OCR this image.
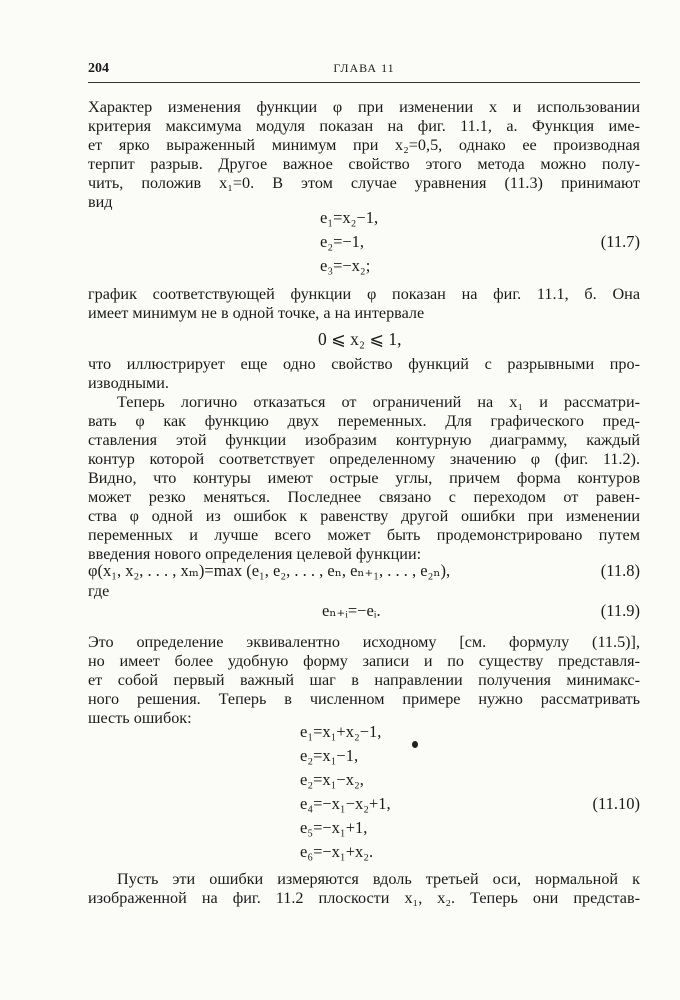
204	ГЛАВА 11
Характер изменения функции φ при изменении x и использовании
критерия максимума модуля показан на фиг. 11.1, а. Функция име-
ет ярко выраженный минимум при x₂=0,5, однако ее производная
терпит разрыв. Другое важное свойство этого метода можно полу-
чить, положив x₁=0. В этом случае уравнения (11.3) принимают
вид
e₁=x₂−1,
e₂=−1,
e₃=−x₂;
(11.7)
график соответствующей функции φ показан на фиг. 11.1, б. Она
имеет минимум не в одной точке, а на интервале
0 ⩽ x₂ ⩽ 1,
что иллюстрирует еще одно свойство функций с разрывными про-
изводными.
Теперь логично отказаться от ограничений на x₁ и рассматри-
вать φ как функцию двух переменных. Для графического пред-
ставления этой функции изобразим контурную диаграмму, каждый
контур которой соответствует определенному значению φ (фиг. 11.2).
Видно, что контуры имеют острые углы, причем форма контуров
может резко меняться. Последнее связано с переходом от равен-
ства φ одной из ошибок к равенству другой ошибки при изменении
переменных и лучше всего может быть продемонстрировано путем
введения нового определения целевой функции:
φ(x₁, x₂, . . . , xₘ)=max (e₁, e₂, . . . , eₙ, eₙ₊₁, . . . , e₂ₙ),	(11.8)
где
eₙ₊ᵢ=−eᵢ.	(11.9)
Это определение эквивалентно исходному [см. формулу (11.5)],
но имеет более удобную форму записи и по существу представля-
ет собой первый важный шаг в направлении получения минимакс-
ного решения. Теперь в численном примере нужно рассматривать
шесть ошибок:
e₁=x₁+x₂−1,
e₂=x₁−1,
e₂=x₁−x₂,
e₄=−x₁−x₂+1,
e₅=−x₁+1,
e₆=−x₁+x₂.
(11.10)
Пусть эти ошибки измеряются вдоль третьей оси, нормальной к
изображенной на фиг. 11.2 плоскости x₁, x₂. Теперь они представ-
